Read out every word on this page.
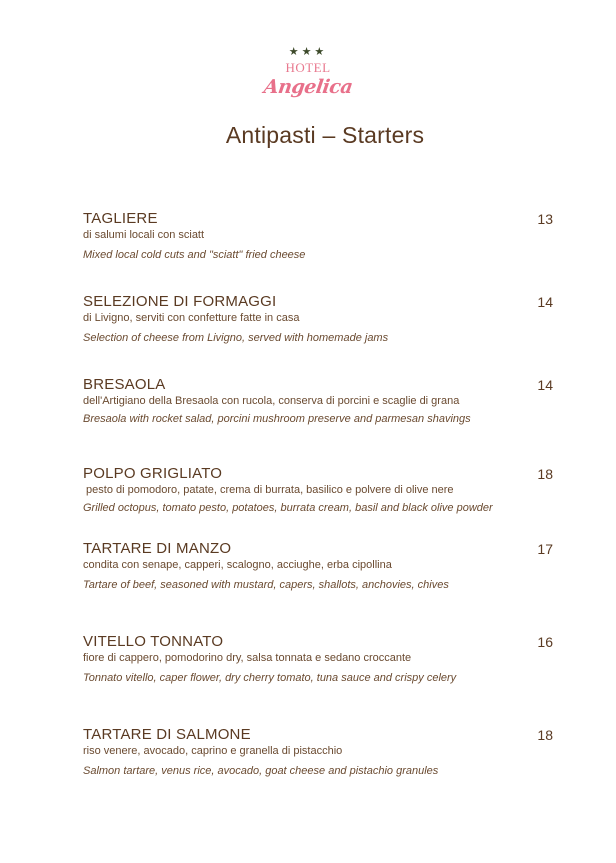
★★★
HOTEL
Angelica
Antipasti – Starters
TAGLIERE
di salumi locali con sciatt
Mixed local cold cuts and "sciatt" fried cheese
13
SELEZIONE DI FORMAGGI
di Livigno, serviti con confetture fatte in casa
Selection of cheese from Livigno, served with homemade jams
14
BRESAOLA
dell'Artigiano della Bresaola con rucola, conserva di porcini e scaglie di grana
Bresaola with rocket salad, porcini mushroom preserve and parmesan shavings
14
POLPO GRIGLIATO
pesto di pomodoro, patate, crema di burrata, basilico e polvere di olive nere
Grilled octopus, tomato pesto, potatoes, burrata cream, basil and black olive powder
18
TARTARE DI MANZO
condita con senape, capperi, scalogno, acciughe, erba cipollina
Tartare of beef, seasoned with mustard, capers, shallots, anchovies, chives
17
VITELLO TONNATO
fiore di cappero, pomodorino dry, salsa tonnata e sedano croccante
Tonnato vitello, caper flower, dry cherry tomato, tuna sauce and crispy celery
16
TARTARE DI SALMONE
riso venere, avocado, caprino e granella di pistacchio
Salmon tartare, venus rice, avocado, goat cheese and pistachio granules
18
